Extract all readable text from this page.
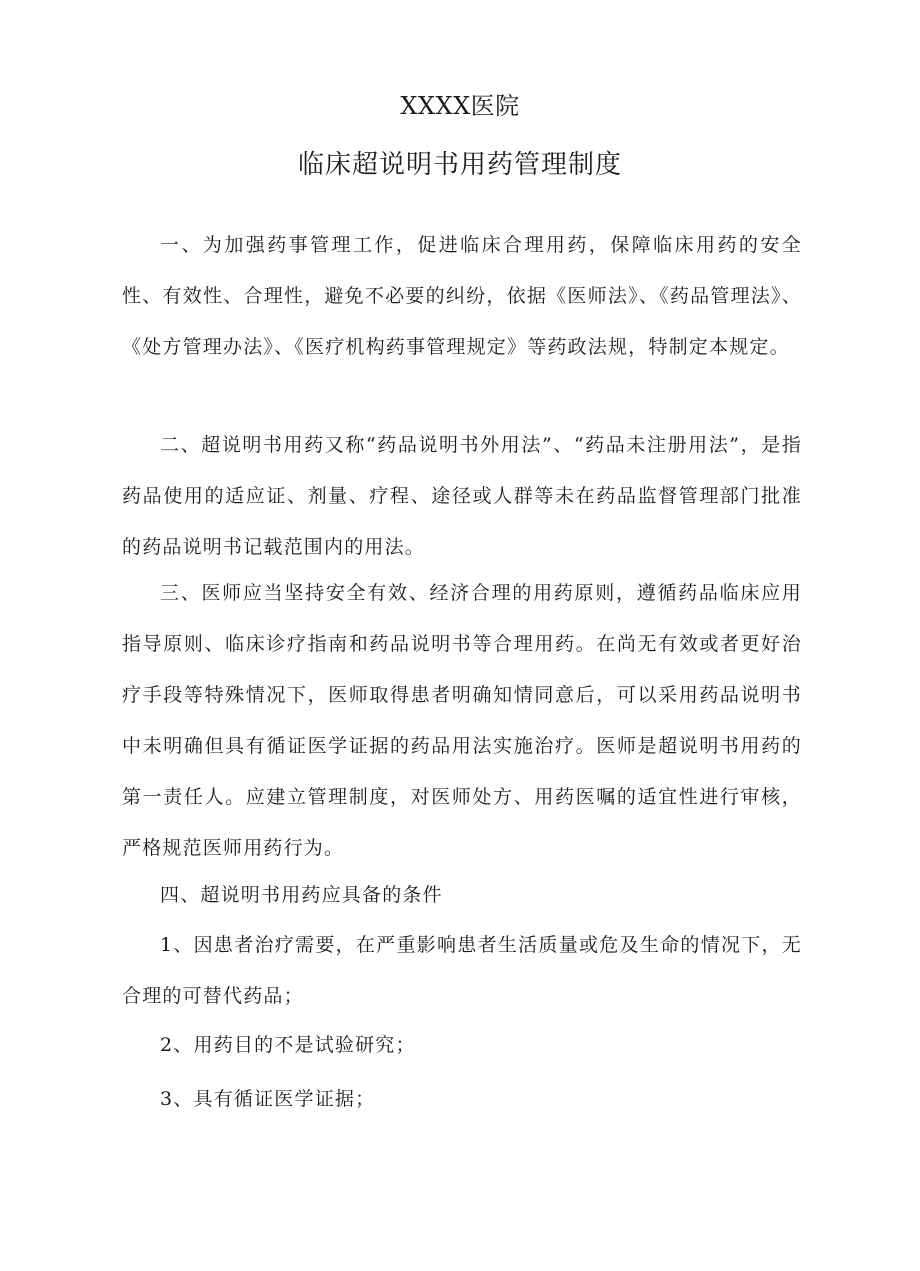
XXXX医院
临床超说明书用药管理制度

一、为加强药事管理工作，促进临床合理用药，保障临床用药的安全性、有效性、合理性，避免不必要的纠纷，依据《医师法》、《药品管理法》、《处方管理办法》、《医疗机构药事管理规定》等药政法规，特制定本规定。

二、超说明书用药又称“药品说明书外用法”、“药品未注册用法”，是指药品使用的适应证、剂量、疗程、途径或人群等未在药品监督管理部门批准的药品说明书记载范围内的用法。

三、医师应当坚持安全有效、经济合理的用药原则，遵循药品临床应用指导原则、临床诊疗指南和药品说明书等合理用药。在尚无有效或者更好治疗手段等特殊情况下，医师取得患者明确知情同意后，可以采用药品说明书中未明确但具有循证医学证据的药品用法实施治疗。医师是超说明书用药的第一责任人。应建立管理制度，对医师处方、用药医嘱的适宜性进行审核，严格规范医师用药行为。

四、超说明书用药应具备的条件

1、因患者治疗需要，在严重影响患者生活质量或危及生命的情况下，无合理的可替代药品；

2、用药目的不是试验研究；

3、具有循证医学证据；
